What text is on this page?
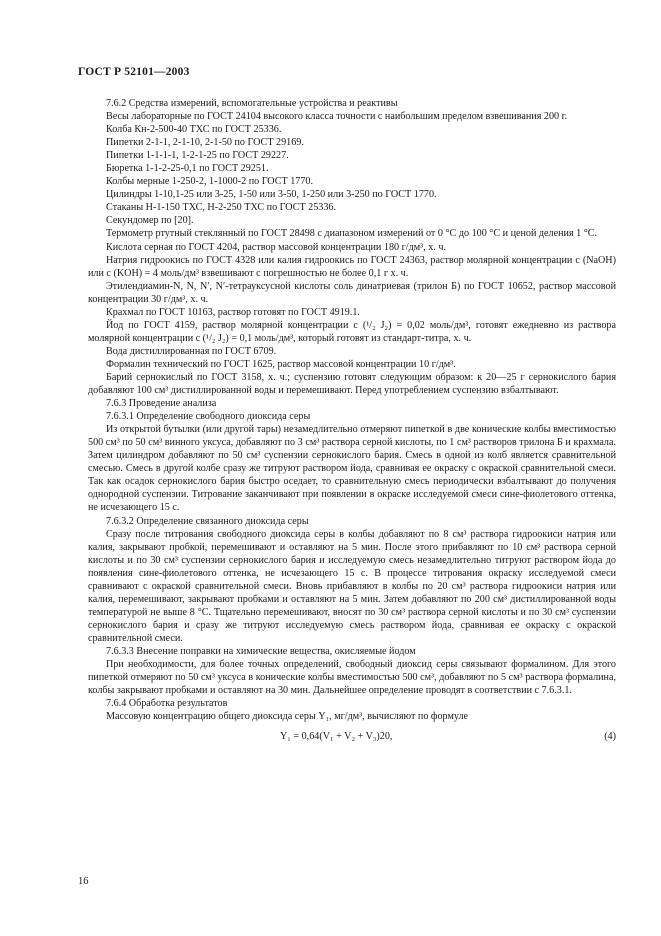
ГОСТ Р 52101—2003

7.6.2 Средства измерений, вспомогательные устройства и реактивы

Весы лабораторные по ГОСТ 24104 высокого класса точности с наибольшим пределом взвешивания 200 г.

Колба Кн-2-500-40 ТХС по ГОСТ 25336.

Пипетки 2-1-1, 2-1-10, 2-1-50 по ГОСТ 29169.

Пипетки 1-1-1-1, 1-2-1-25 по ГОСТ 29227.

Бюретка 1-1-2-25-0,1 по ГОСТ 29251.

Колбы мерные 1-250-2, 1-1000-2 по ГОСТ 1770.

Цилиндры 1-10,1-25 или 3-25, 1-50 или 3-50, 1-250 или 3-250 по ГОСТ 1770.

Стаканы Н-1-150 ТХС, Н-2-250 ТХС по ГОСТ 25336.

Секундомер по [20].

Термометр ртутный стеклянный по ГОСТ 28498 с диапазоном измерений от 0 °С до 100 °С и ценой деления 1 °С.

Кислота серная по ГОСТ 4204, раствор массовой концентрации 180 г/дм³, х. ч.

Натрия гидроокись по ГОСТ 4328 или калия гидроокись по ГОСТ 24363, раствор молярной концентрации с (NaOH) или с (KOH) = 4 моль/дм³ взвешивают с погрешностью не более 0,1 г х. ч.

Этилендиамин-N, N, N′, N′-тетрауксусной кислоты соль динатриевая (трилон Б) по ГОСТ 10652, раствор массовой концентрации 30 г/дм³, х. ч.

Крахмал по ГОСТ 10163, раствор готовят по ГОСТ 4919.1.

Йод по ГОСТ 4159, раствор молярной концентрации с (¹/₂ J₂) = 0,02 моль/дм³, готовят ежедневно из раствора молярной концентрации с (¹/₂ J₂) = 0,1 моль/дм³, который готовят из стандарт-титра, х. ч.

Вода дистиллированная по ГОСТ 6709.

Формалин технический по ГОСТ 1625, раствор массовой концентрации 10 г/дм³.

Барий сернокислый по ГОСТ 3158, х. ч.; суспензию готовят следующим образом: к 20—25 г сернокислого бария добавляют 100 см³ дистиллированной воды и перемешивают. Перед употреблением суспензию взбалтывают.

7.6.3 Проведение анализа

7.6.3.1 Определение свободного диоксида серы

Из открытой бутылки (или другой тары) незамедлительно отмеряют пипеткой в две конические колбы вместимостью 500 см³ по 50 см³ винного уксуса, добавляют по 3 см³ раствора серной кислоты, по 1 см³ растворов трилона Б и крахмала. Затем цилиндром добавляют по 50 см³ суспензии сернокислого бария. Смесь в одной из колб является сравнительной смесью. Смесь в другой колбе сразу же титруют раствором йода, сравнивая ее окраску с окраской сравнительной смеси. Так как осадок сернокислого бария быстро оседает, то сравнительную смесь периодически взбалтывают до получения однородной суспензии. Титрование заканчивают при появлении в окраске исследуемой смеси сине-фиолетового оттенка, не исчезающего 15 с.

7.6.3.2 Определение связанного диоксида серы

Сразу после титрования свободного диоксида серы в колбы добавляют по 8 см³ раствора гидроокиси натрия или калия, закрывают пробкой, перемешивают и оставляют на 5 мин. После этого прибавляют по 10 см³ раствора серной кислоты и по 30 см³ суспензии сернокислого бария и исследуемую смесь незамедлительно титруют раствором йода до появления сине-фиолетового оттенка, не исчезающего 15 с. В процессе титрования окраску исследуемой смеси сравнивают с окраской сравнительной смеси. Вновь прибавляют в колбы по 20 см³ раствора гидроокиси натрия или калия, перемешивают, закрывают пробками и оставляют на 5 мин. Затем добавляют по 200 см³ дистиллированной воды температурой не выше 8 °С. Тщательно перемешивают, вносят по 30 см³ раствора серной кислоты и по 30 см³ суспензии сернокислого бария и сразу же титруют исследуемую смесь раствором йода, сравнивая ее окраску с окраской сравнительной смеси.

7.6.3.3 Внесение поправки на химические вещества, окисляемые йодом

При необходимости, для более точных определений, свободный диоксид серы связывают формалином. Для этого пипеткой отмеряют по 50 см³ уксуса в конические колбы вместимостью 500 см³, добавляют по 5 см³ раствора формалина, колбы закрывают пробками и оставляют на 30 мин. Дальнейшее определение проводят в соответствии с 7.6.3.1.

7.6.4 Обработка результатов

Массовую концентрацию общего диоксида серы Y₁, мг/дм³, вычисляют по формуле

Y₁ = 0,64(V₁ + V₂ + V₃)20,	(4)
16
